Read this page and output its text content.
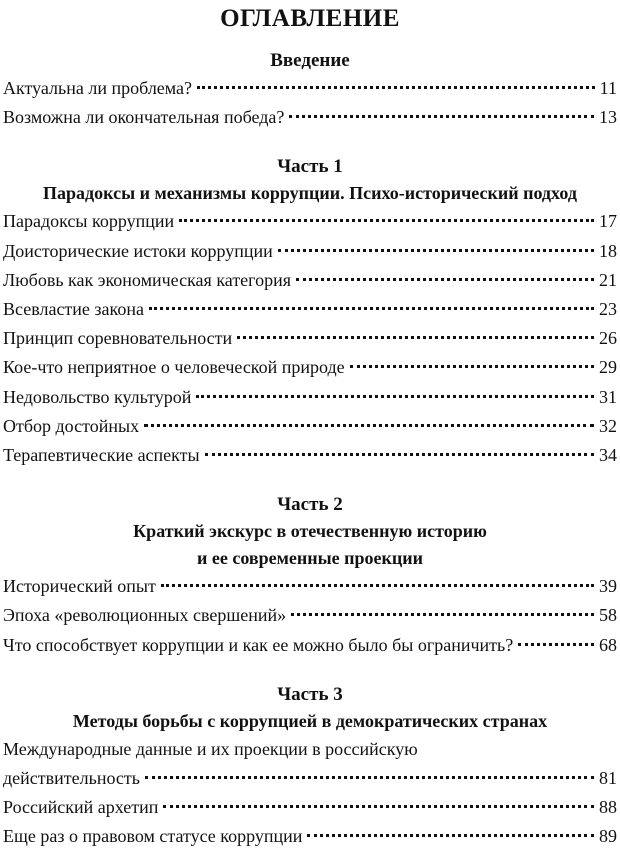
ОГЛАВЛЕНИЕ
Введение
Актуальна ли проблема?	11
Возможна ли окончательная победа?	13
Часть 1
Парадоксы и механизмы коррупции. Психо-исторический подход
Парадоксы коррупции	17
Доисторические истоки коррупции	18
Любовь как экономическая категория	21
Всевластие закона	23
Принцип соревновательности	26
Кое-что неприятное о человеческой природе	29
Недовольство культурой	31
Отбор достойных	32
Терапевтические аспекты	34
Часть 2
Краткий экскурс в отечественную историю
и ее современные проекции
Исторический опыт	39
Эпоха «революционных свершений»	58
Что способствует коррупции и как ее можно было бы ограничить?	68
Часть 3
Методы борьбы с коррупцией в демократических странах
Международные данные и их проекции в российскую
действительность	81
Российский архетип	88
Еще раз о правовом статусе коррупции	89
